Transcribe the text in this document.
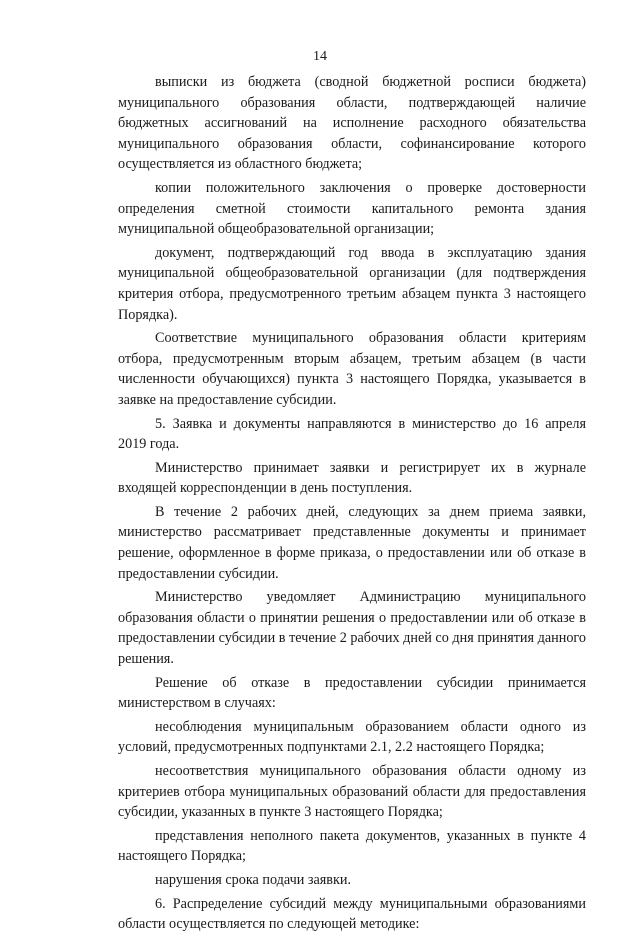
14

выписки из бюджета (сводной бюджетной росписи бюджета) муниципального образования области, подтверждающей наличие бюджетных ассигнований на исполнение расходного обязательства муниципального образования области, софинансирование которого осуществляется из областного бюджета;

копии положительного заключения о проверке достоверности определения сметной стоимости капитального ремонта здания муниципальной общеобразовательной организации;

документ, подтверждающий год ввода в эксплуатацию здания муниципальной общеобразовательной организации (для подтверждения критерия отбора, предусмотренного третьим абзацем пункта 3 настоящего Порядка).

Соответствие муниципального образования области критериям отбора, предусмотренным вторым абзацем, третьим абзацем (в части численности обучающихся) пункта 3 настоящего Порядка, указывается в заявке на предоставление субсидии.

5. Заявка и документы направляются в министерство до 16 апреля 2019 года.

Министерство принимает заявки и регистрирует их в журнале входящей корреспонденции в день поступления.

В течение 2 рабочих дней, следующих за днем приема заявки, министерство рассматривает представленные документы и принимает решение, оформленное в форме приказа, о предоставлении или об отказе в предоставлении субсидии.

Министерство уведомляет Администрацию муниципального образования области о принятии решения о предоставлении или об отказе в предоставлении субсидии в течение 2 рабочих дней со дня принятия данного решения.

Решение об отказе в предоставлении субсидии принимается министерством в случаях:

несоблюдения муниципальным образованием области одного из условий, предусмотренных подпунктами 2.1, 2.2 настоящего Порядка;

несоответствия муниципального образования области одному из критериев отбора муниципальных образований области для предоставления субсидии, указанных в пункте 3 настоящего Порядка;

представления неполного пакета документов, указанных в пункте 4 настоящего Порядка;

нарушения срока подачи заявки.

6. Распределение субсидий между муниципальными образованиями области осуществляется по следующей методике:
